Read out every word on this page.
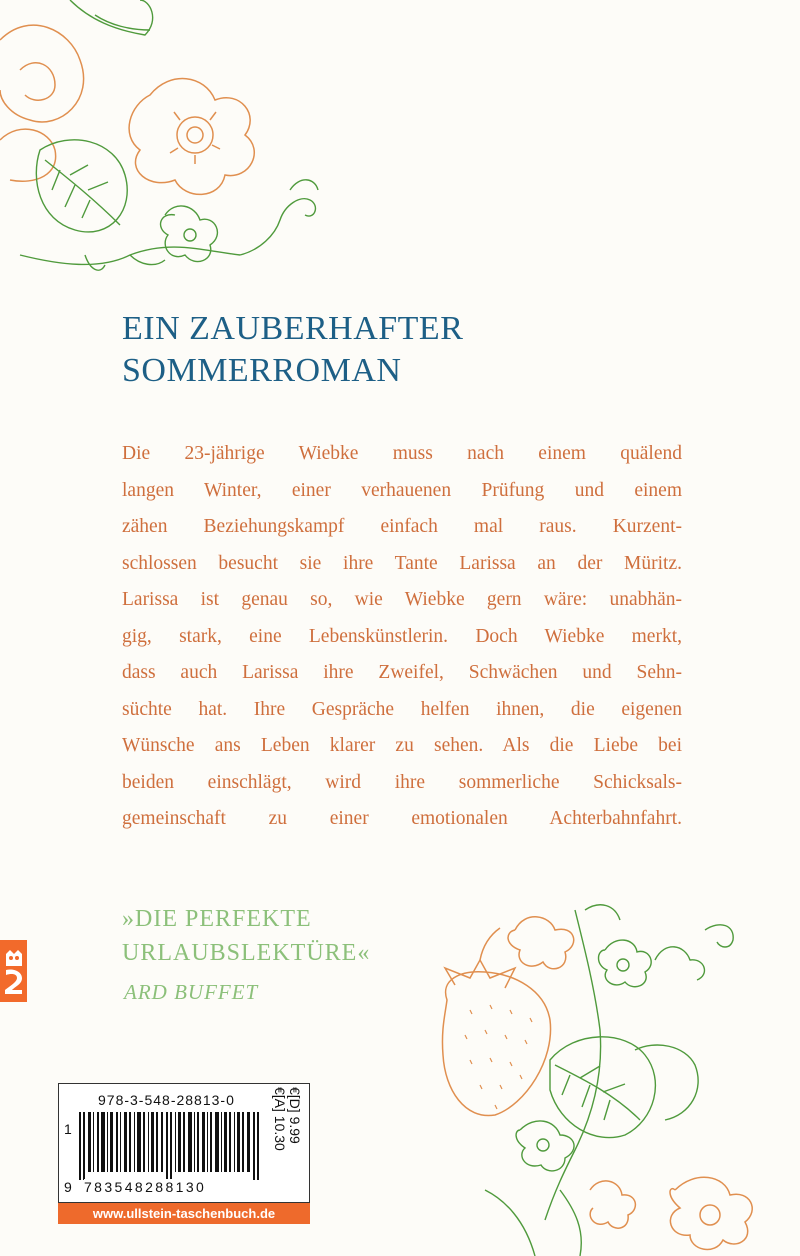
EIN ZAUBERHAFTER
SOMMERROMAN

Die 23-jährige Wiebke muss nach einem quälend
langen Winter, einer verhauenen Prüfung und einem
zähen Beziehungskampf einfach mal raus. Kurzent-
schlossen besucht sie ihre Tante Larissa an der Müritz.
Larissa ist genau so, wie Wiebke gern wäre: unabhän-
gig, stark, eine Lebenskünstlerin. Doch Wiebke merkt,
dass auch Larissa ihre Zweifel, Schwächen und Sehn-
süchte hat. Ihre Gespräche helfen ihnen, die eigenen
Wünsche ans Leben klarer zu sehen. Als die Liebe bei
beiden einschlägt, wird ihre sommerliche Schicksals-
gemeinschaft zu einer emotionalen Achterbahnfahrt.

»DIE PERFEKTE
URLAUBSLEKTÜRE«
ARD BUFFET
978-3-548-28813-0
1
9 783548288130
€[D] 9.99
€[A] 10.30
www.ullstein-taschenbuch.de
